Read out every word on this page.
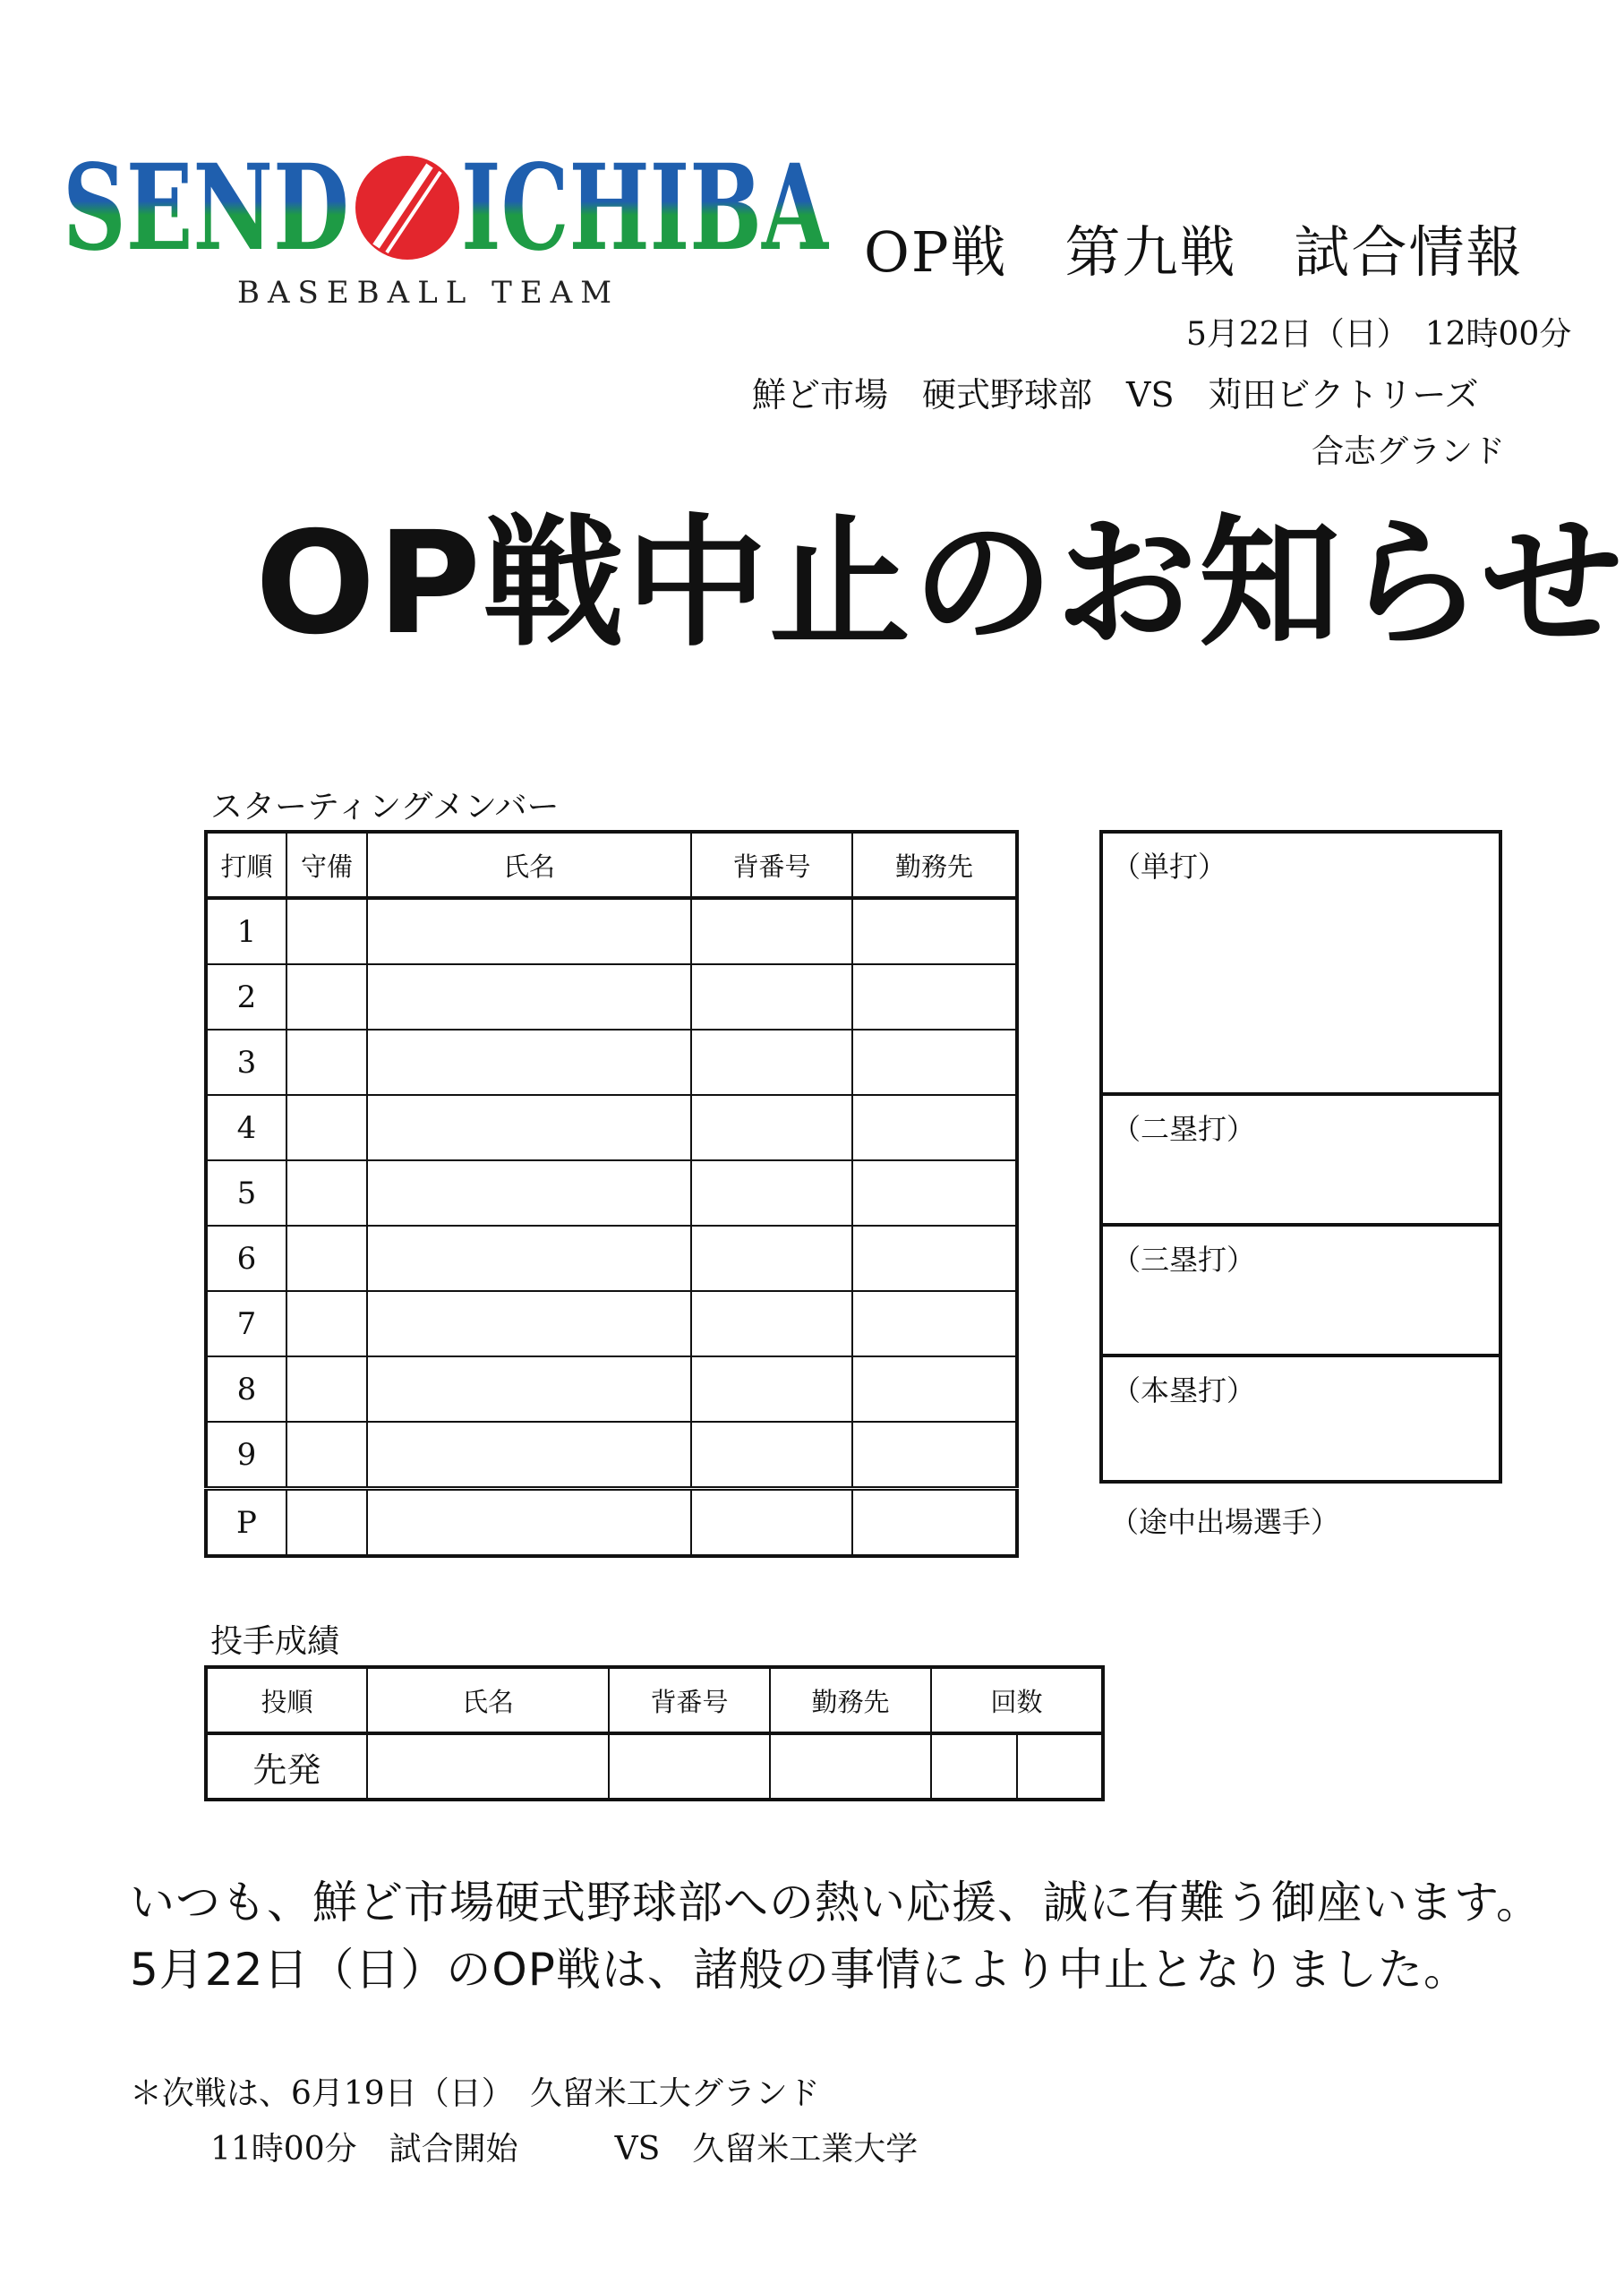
SEND ICHIBA
BASEBALL TEAM
OP戦　第九戦　試合情報
5月22日（日）　12時00分
鮮ど市場　硬式野球部　VS　苅田ビクトリーズ
合志グランド
OP戦中止のお知らせ
スターティングメンバー
打順	守備	氏名	背番号	勤務先
1				
2				
3				
4				
5				
6				
7				
8				
9				
P				
（単打）
（二塁打）
（三塁打）
（本塁打）
（途中出場選手）
投手成績
投順	氏名	背番号	勤務先	回数	
先発					
いつも、鮮ど市場硬式野球部への熱い応援、誠に有難う御座います。
5月22日（日）のOP戦は、諸般の事情により中止となりました。
＊次戦は、6月19日（日）　久留米工大グランド
11時00分　試合開始　　　VS　久留米工業大学
